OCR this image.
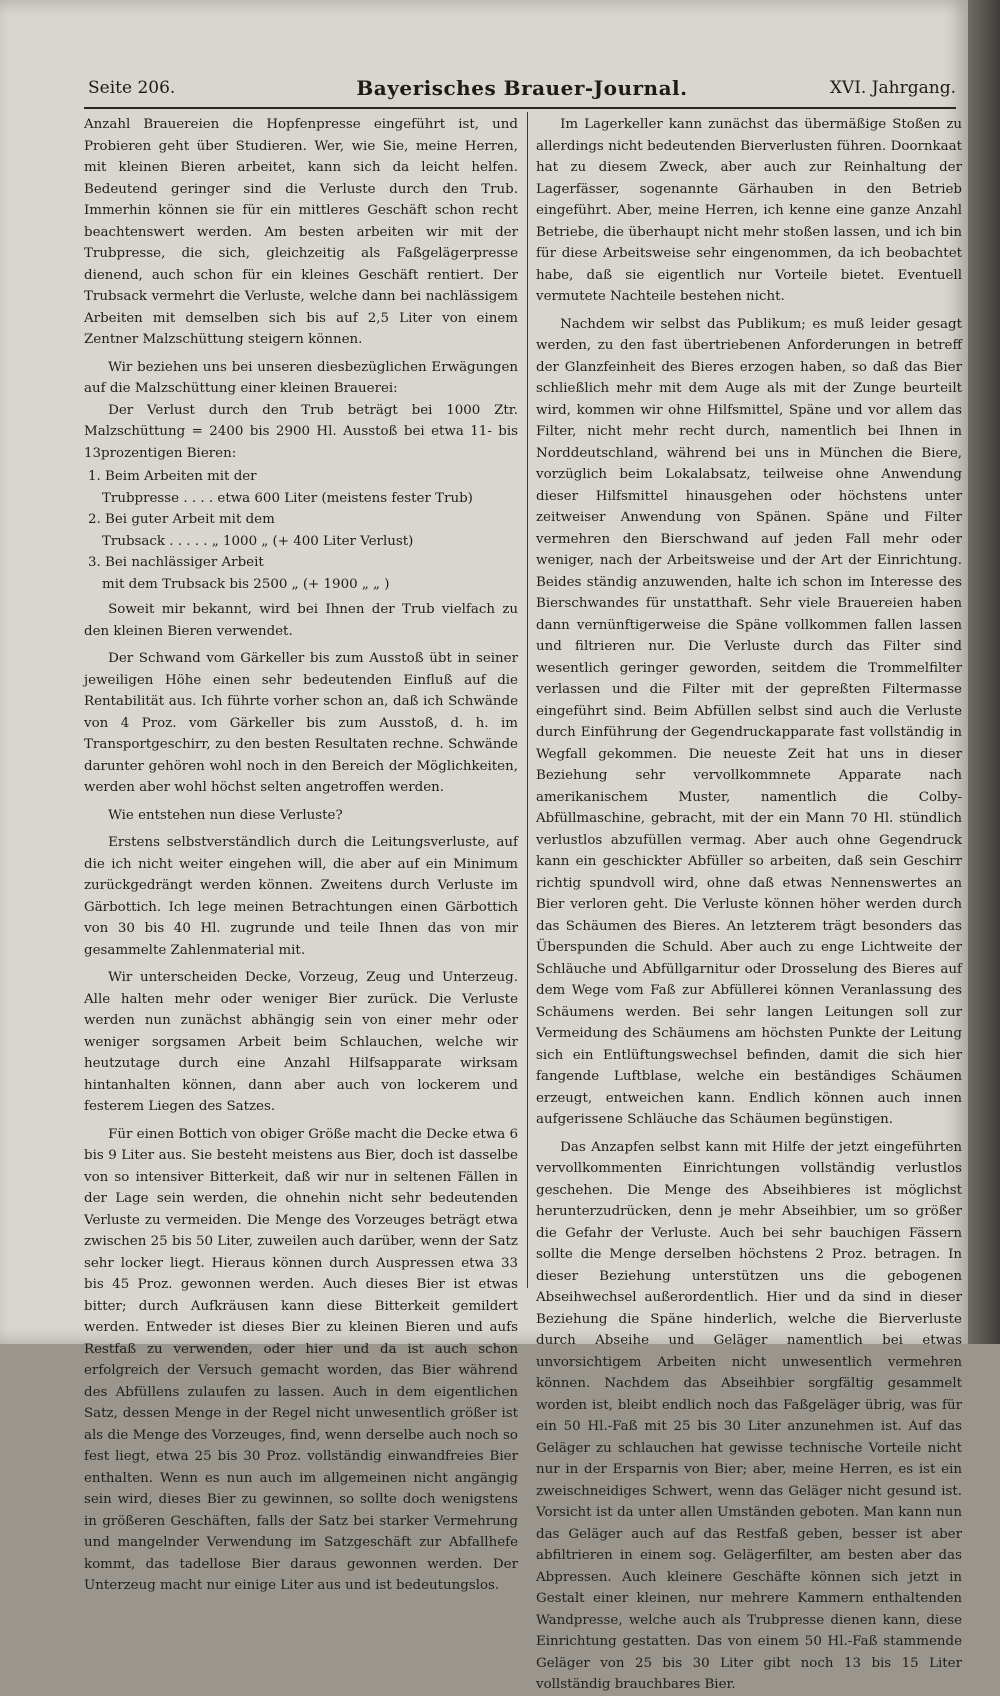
Seite 206.	Bayerisches Brauer-Journal.	XVI. Jahrgang.

Anzahl Brauereien die Hopfenpresse eingeführt ist, und Probieren geht über Studieren. Wer, wie Sie, meine Herren, mit kleinen Bieren arbeitet, kann sich da leicht helfen. Bedeutend geringer sind die Verluste durch den Trub. Immerhin können sie für ein mittleres Geschäft schon recht beachtenswert werden. Am besten arbeiten wir mit der Trubpresse, die sich, gleichzeitig als Faßgelägerpresse dienend, auch schon für ein kleines Geschäft rentiert. Der Trubsack vermehrt die Verluste, welche dann bei nachlässigem Arbeiten mit demselben sich bis auf 2,5 Liter von einem Zentner Malzschüttung steigern können.

Wir beziehen uns bei unseren diesbezüglichen Erwägungen auf die Malzschüttung einer kleinen Brauerei:

Der Verlust durch den Trub beträgt bei 1000 Ztr. Malzschüttung = 2400 bis 2900 Hl. Ausstoß bei etwa 11- bis 13prozentigen Bieren:

1. Beim Arbeiten mit der
Trubpresse . . . . etwa 600 Liter (meistens fester Trub)
2. Bei guter Arbeit mit dem
Trubsack . . . . . „ 1000 „ (+ 400 Liter Verlust)
3. Bei nachlässiger Arbeit
mit dem Trubsack bis 2500 „ (+ 1900 „ „ )

Soweit mir bekannt, wird bei Ihnen der Trub vielfach zu den kleinen Bieren verwendet.

Der Schwand vom Gärkeller bis zum Ausstoß übt in seiner jeweiligen Höhe einen sehr bedeutenden Einfluß auf die Rentabilität aus. Ich führte vorher schon an, daß ich Schwände von 4 Proz. vom Gärkeller bis zum Ausstoß, d. h. im Transportgeschirr, zu den besten Resultaten rechne. Schwände darunter gehören wohl noch in den Bereich der Möglichkeiten, werden aber wohl höchst selten angetroffen werden.

Wie entstehen nun diese Verluste?

Erstens selbstverständlich durch die Leitungsverluste, auf die ich nicht weiter eingehen will, die aber auf ein Minimum zurückgedrängt werden können. Zweitens durch Verluste im Gärbottich. Ich lege meinen Betrachtungen einen Gärbottich von 30 bis 40 Hl. zugrunde und teile Ihnen das von mir gesammelte Zahlenmaterial mit.

Wir unterscheiden Decke, Vorzeug, Zeug und Unterzeug. Alle halten mehr oder weniger Bier zurück. Die Verluste werden nun zunächst abhängig sein von einer mehr oder weniger sorgsamen Arbeit beim Schlauchen, welche wir heutzutage durch eine Anzahl Hilfsapparate wirksam hintanhalten können, dann aber auch von lockerem und festerem Liegen des Satzes.

Für einen Bottich von obiger Größe macht die Decke etwa 6 bis 9 Liter aus. Sie besteht meistens aus Bier, doch ist dasselbe von so intensiver Bitterkeit, daß wir nur in seltenen Fällen in der Lage sein werden, die ohnehin nicht sehr bedeutenden Verluste zu vermeiden. Die Menge des Vorzeuges beträgt etwa zwischen 25 bis 50 Liter, zuweilen auch darüber, wenn der Satz sehr locker liegt. Hieraus können durch Auspressen etwa 33 bis 45 Proz. gewonnen werden. Auch dieses Bier ist etwas bitter; durch Aufkräusen kann diese Bitterkeit gemildert werden. Entweder ist dieses Bier zu kleinen Bieren und aufs Restfaß zu verwenden, oder hier und da ist auch schon erfolgreich der Versuch gemacht worden, das Bier während des Abfüllens zulaufen zu lassen. Auch in dem eigentlichen Satz, dessen Menge in der Regel nicht unwesentlich größer ist als die Menge des Vorzeuges, find, wenn derselbe auch noch so fest liegt, etwa 25 bis 30 Proz. vollständig einwandfreies Bier enthalten. Wenn es nun auch im allgemeinen nicht angängig sein wird, dieses Bier zu gewinnen, so sollte doch wenigstens in größeren Geschäften, falls der Satz bei starker Vermehrung und mangelnder Verwendung im Satzgeschäft zur Abfallhefe kommt, das tadellose Bier daraus gewonnen werden. Der Unterzeug macht nur einige Liter aus und ist bedeutungslos.

Im Lagerkeller kann zunächst das übermäßige Stoßen zu allerdings nicht bedeutenden Bierverlusten führen. Doornkaat hat zu diesem Zweck, aber auch zur Reinhaltung der Lagerfässer, sogenannte Gärhauben in den Betrieb eingeführt. Aber, meine Herren, ich kenne eine ganze Anzahl Betriebe, die überhaupt nicht mehr stoßen lassen, und ich bin für diese Arbeitsweise sehr eingenommen, da ich beobachtet habe, daß sie eigentlich nur Vorteile bietet. Eventuell vermutete Nachteile bestehen nicht.

Nachdem wir selbst das Publikum; es muß leider gesagt werden, zu den fast übertriebenen Anforderungen in betreff der Glanzfeinheit des Bieres erzogen haben, so daß das Bier schließlich mehr mit dem Auge als mit der Zunge beurteilt wird, kommen wir ohne Hilfsmittel, Späne und vor allem das Filter, nicht mehr recht durch, namentlich bei Ihnen in Norddeutschland, während bei uns in München die Biere, vorzüglich beim Lokalabsatz, teilweise ohne Anwendung dieser Hilfsmittel hinausgehen oder höchstens unter zeitweiser Anwendung von Spänen. Späne und Filter vermehren den Bierschwand auf jeden Fall mehr oder weniger, nach der Arbeitsweise und der Art der Einrichtung. Beides ständig anzuwenden, halte ich schon im Interesse des Bierschwandes für unstatthaft. Sehr viele Brauereien haben dann vernünftigerweise die Späne vollkommen fallen lassen und filtrieren nur. Die Verluste durch das Filter sind wesentlich geringer geworden, seitdem die Trommelfilter verlassen und die Filter mit der gepreßten Filtermasse eingeführt sind. Beim Abfüllen selbst sind auch die Verluste durch Einführung der Gegendruckapparate fast vollständig in Wegfall gekommen. Die neueste Zeit hat uns in dieser Beziehung sehr vervollkommnete Apparate nach amerikanischem Muster, namentlich die Colby-Abfüllmaschine, gebracht, mit der ein Mann 70 Hl. stündlich verlustlos abzufüllen vermag. Aber auch ohne Gegendruck kann ein geschickter Abfüller so arbeiten, daß sein Geschirr richtig spundvoll wird, ohne daß etwas Nennenswertes an Bier verloren geht. Die Verluste können höher werden durch das Schäumen des Bieres. An letzterem trägt besonders das Überspunden die Schuld. Aber auch zu enge Lichtweite der Schläuche und Abfüllgarnitur oder Drosselung des Bieres auf dem Wege vom Faß zur Abfüllerei können Veranlassung des Schäumens werden. Bei sehr langen Leitungen soll zur Vermeidung des Schäumens am höchsten Punkte der Leitung sich ein Entlüftungswechsel befinden, damit die sich hier fangende Luftblase, welche ein beständiges Schäumen erzeugt, entweichen kann. Endlich können auch innen aufgerissene Schläuche das Schäumen begünstigen.

Das Anzapfen selbst kann mit Hilfe der jetzt eingeführten vervollkommenten Einrichtungen vollständig verlustlos geschehen. Die Menge des Abseihbieres ist möglichst herunterzudrücken, denn je mehr Abseihbier, um so größer die Gefahr der Verluste. Auch bei sehr bauchigen Fässern sollte die Menge derselben höchstens 2 Proz. betragen. In dieser Beziehung unterstützen uns die gebogenen Abseihwechsel außerordentlich. Hier und da sind in dieser Beziehung die Späne hinderlich, welche die Bierverluste durch Abseihe und Geläger namentlich bei etwas unvorsichtigem Arbeiten nicht unwesentlich vermehren können. Nachdem das Abseihbier sorgfältig gesammelt worden ist, bleibt endlich noch das Faßgeläger übrig, was für ein 50 Hl.-Faß mit 25 bis 30 Liter anzunehmen ist. Auf das Geläger zu schlauchen hat gewisse technische Vorteile nicht nur in der Ersparnis von Bier; aber, meine Herren, es ist ein zweischneidiges Schwert, wenn das Geläger nicht gesund ist. Vorsicht ist da unter allen Umständen geboten. Man kann nun das Geläger auch auf das Restfaß geben, besser ist aber abfiltrieren in einem sog. Gelägerfilter, am besten aber das Abpressen. Auch kleinere Geschäfte können sich jetzt in Gestalt einer kleinen, nur mehrere Kammern enthaltenden Wandpresse, welche auch als Trubpresse dienen kann, diese Einrichtung gestatten. Das von einem 50 Hl.-Faß stammende Geläger von 25 bis 30 Liter gibt noch 13 bis 15 Liter vollständig brauchbares Bier.
